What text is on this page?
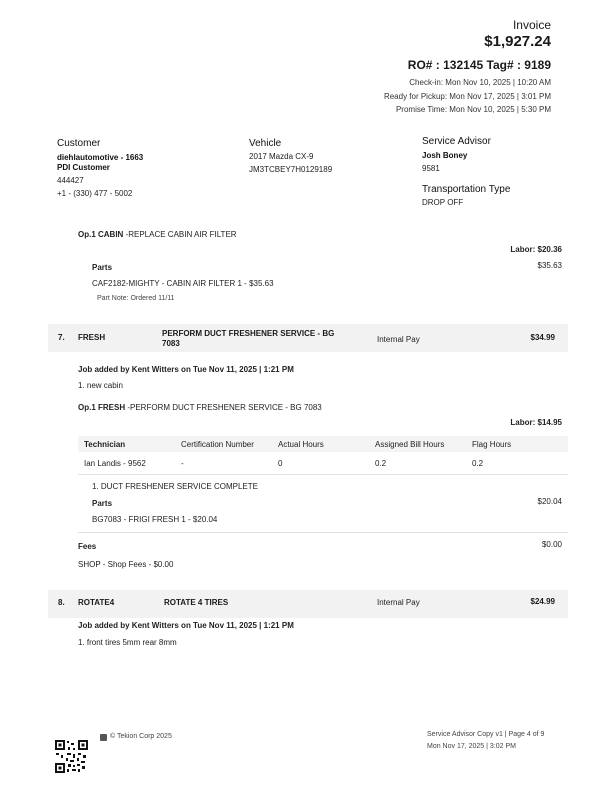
Invoice
$1,927.24
RO# : 132145 Tag# : 9189
Check-in: Mon Nov 10, 2025 | 10:20 AM
Ready for Pickup: Mon Nov 17, 2025 | 3:01 PM
Promise Time: Mon Nov 10, 2025 | 5:30 PM
Customer
diehlautomotive - 1663
PDI Customer
444427
+1 - (330) 477 - 5002
Vehicle
2017 Mazda CX-9
JM3TCBEY7H0129189
Service Advisor
Josh Boney
9581
Transportation Type
DROP OFF
Op.1 CABIN -REPLACE CABIN AIR FILTER
Labor: $20.36
Parts	$35.63
CAF2182-MIGHTY - CABIN AIR FILTER 1 - $35.63
Part Note: Ordered 11/11
7. FRESH	PERFORM DUCT FRESHENER SERVICE - BG
7083	Internal Pay	$34.99
Job added by Kent Witters on Tue Nov 11, 2025 | 1:21 PM
1. new cabin
Op.1 FRESH -PERFORM DUCT FRESHENER SERVICE - BG 7083
Labor: $14.95
Technician	Certification Number	Actual Hours	Assigned Bill Hours	Flag Hours
Ian Landis - 9562	-	0	0.2	0.2
1. DUCT FRESHENER SERVICE COMPLETE
Parts	$20.04
BG7083 - FRIGI FRESH 1 - $20.04
Fees	$0.00
SHOP - Shop Fees - $0.00
8. ROTATE4	ROTATE 4 TIRES	Internal Pay	$24.99
Job added by Kent Witters on Tue Nov 11, 2025 | 1:21 PM
1. front tires 5mm rear 8mm
© Tekion Corp 2025	Service Advisor Copy v1 | Page 4 of 9
Mon Nov 17, 2025 | 3:02 PM
